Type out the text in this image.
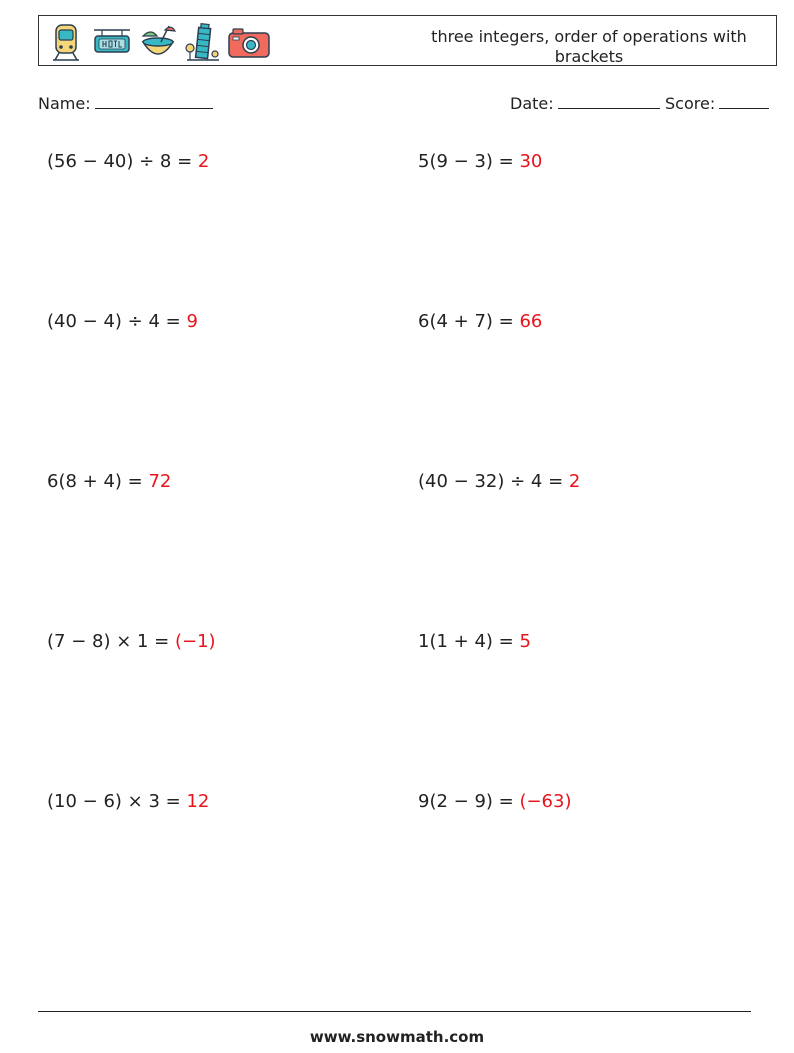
three integers, order of operations with brackets
Name:	Date:	Score:
(56 − 40) ÷ 8 = 2	5(9 − 3) = 30
(40 − 4) ÷ 4 = 9	6(4 + 7) = 66
6(8 + 4) = 72	(40 − 32) ÷ 4 = 2
(7 − 8) × 1 = (−1)	1(1 + 4) = 5
(10 − 6) × 3 = 12	9(2 − 9) = (−63)
www.snowmath.com
